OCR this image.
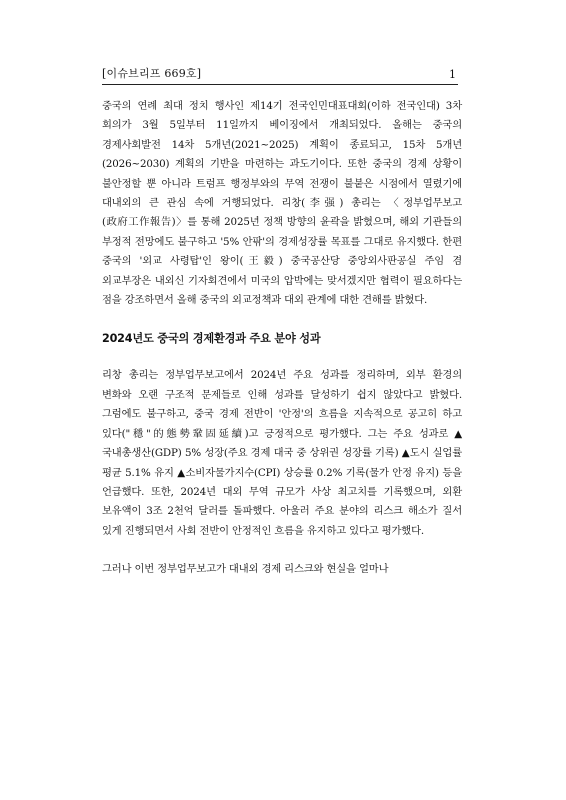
[이슈브리프 669호]	1

중국의 연례 최대 정치 행사인 제14기 전국인민대표대회(이하 전국인대) 3차 회의가 3월 5일부터 11일까지 베이징에서 개최되었다. 올해는 중국의 경제사회발전 14차 5개년(2021~2025) 계획이 종료되고, 15차 5개년(2026~2030) 계획의 기반을 마련하는 과도기이다. 또한 중국의 경제 상황이 불안정할 뿐 아니라 트럼프 행정부와의 무역 전쟁이 불붙은 시점에서 열렸기에 대내외의 큰 관심 속에 거행되었다. 리창(李强) 총리는 〈정부업무보고(政府工作報告)〉를 통해 2025년 정책 방향의 윤곽을 밝혔으며, 해외 기관들의 부정적 전망에도 불구하고 '5% 안팎'의 경제성장률 목표를 그대로 유지했다. 한편 중국의 '외교 사령탑'인 왕이(王毅) 중국공산당 중앙외사판공실 주임 겸 외교부장은 내외신 기자회견에서 미국의 압박에는 맞서겠지만 협력이 필요하다는 점을 강조하면서 올해 중국의 외교정책과 대외 관계에 대한 견해를 밝혔다.

2024년도 중국의 경제환경과 주요 분야 성과

리창 총리는 정부업무보고에서 2024년 주요 성과를 정리하며, 외부 환경의 변화와 오랜 구조적 문제들로 인해 성과를 달성하기 쉽지 않았다고 밝혔다. 그럼에도 불구하고, 중국 경제 전반이 '안정'의 흐름을 지속적으로 공고히 하고 있다("穩"的態勢鞏固延續)고 긍정적으로 평가했다. 그는 주요 성과로 ▲국내총생산(GDP) 5% 성장(주요 경제 대국 중 상위권 성장률 기록) ▲도시 실업률 평균 5.1% 유지 ▲소비자물가지수(CPI) 상승률 0.2% 기록(물가 안정 유지) 등을 언급했다. 또한, 2024년 대외 무역 규모가 사상 최고치를 기록했으며, 외환 보유액이 3조 2천억 달러를 돌파했다. 아울러 주요 분야의 리스크 해소가 질서 있게 진행되면서 사회 전반이 안정적인 흐름을 유지하고 있다고 평가했다.

그러나 이번 정부업무보고가 대내외 경제 리스크와 현실을 얼마나
